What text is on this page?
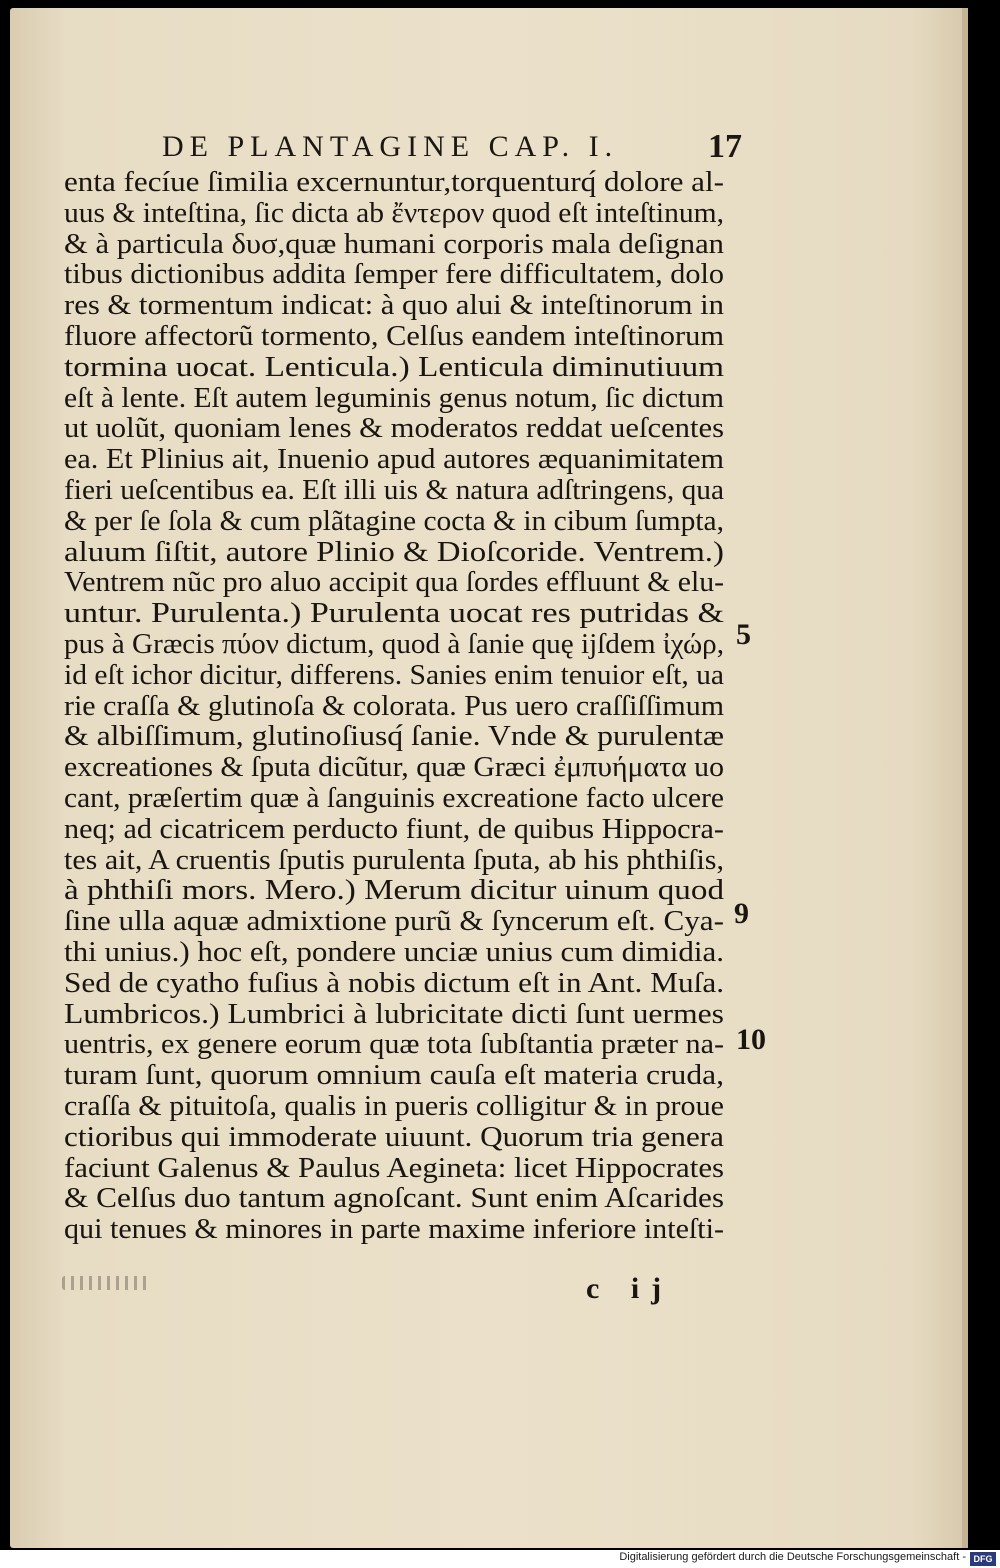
DE PLANTAGINE CAP. I.	17
enta fecíue ſimilia excernuntur,torquenturq́ dolore al-
uus & inteſtina, ſic dicta ab ἔντερον quod eſt inteſtinum,
& à particula δυσ,quæ humani corporis mala deſignan
tibus dictionibus addita ſemper fere difficultatem, dolo
res & tormentum indicat: à quo alui & inteſtinorum in
fluore affectorũ tormento, Celſus eandem inteſtinorum
tormina uocat. Lenticula.) Lenticula diminutiuum
eſt à lente. Eſt autem leguminis genus notum, ſic dictum
ut uolũt, quoniam lenes & moderatos reddat ueſcentes
ea. Et Plinius ait, Inuenio apud autores æquanimitatem
fieri ueſcentibus ea. Eſt illi uis & natura adſtringens, qua
& per ſe ſola & cum plãtagine cocta & in cibum ſumpta,
aluum ſiſtit, autore Plinio & Dioſcoride. Ventrem.)
Ventrem nũc pro aluo accipit qua ſordes effluunt & elu-
untur. Purulenta.) Purulenta uocat res putridas &
pus à Græcis πύον dictum, quod à ſanie quę ijſdem ἰχώρ,
id eſt ichor dicitur, differens. Sanies enim tenuior eſt, ua
rie craſſa & glutinoſa & colorata. Pus uero craſſiſſimum
& albiſſimum, glutinoſiusq́ ſanie. Vnde & purulentæ
excreationes & ſputa dicũtur, quæ Græci ἐμπυήματα uo
cant, præſertim quæ à ſanguinis excreatione facto ulcere
neq; ad cicatricem perducto fiunt, de quibus Hippocra-
tes ait, A cruentis ſputis purulenta ſputa, ab his phthiſis,
à phthiſi mors. Mero.) Merum dicitur uinum quod
ſine ulla aquæ admixtione purũ & ſyncerum eſt. Cya-
thi unius.) hoc eſt, pondere unciæ unius cum dimidia.
Sed de cyatho fuſius à nobis dictum eſt in Ant. Muſa.
Lumbricos.) Lumbrici à lubricitate dicti ſunt uermes
uentris, ex genere eorum quæ tota ſubſtantia præter na-
turam ſunt, quorum omnium cauſa eſt materia cruda,
craſſa & pituitoſa, qualis in pueris colligitur & in proue
ctioribus qui immoderate uiuunt. Quorum tria genera
faciunt Galenus & Paulus Aegineta: licet Hippocrates
& Celſus duo tantum agnoſcant. Sunt enim Aſcarides
qui tenues & minores in parte maxime inferiore inteſti-
5
9
10
c ij
Digitalisierung gefördert durch die Deutsche Forschungsgemeinschaft - DFG
